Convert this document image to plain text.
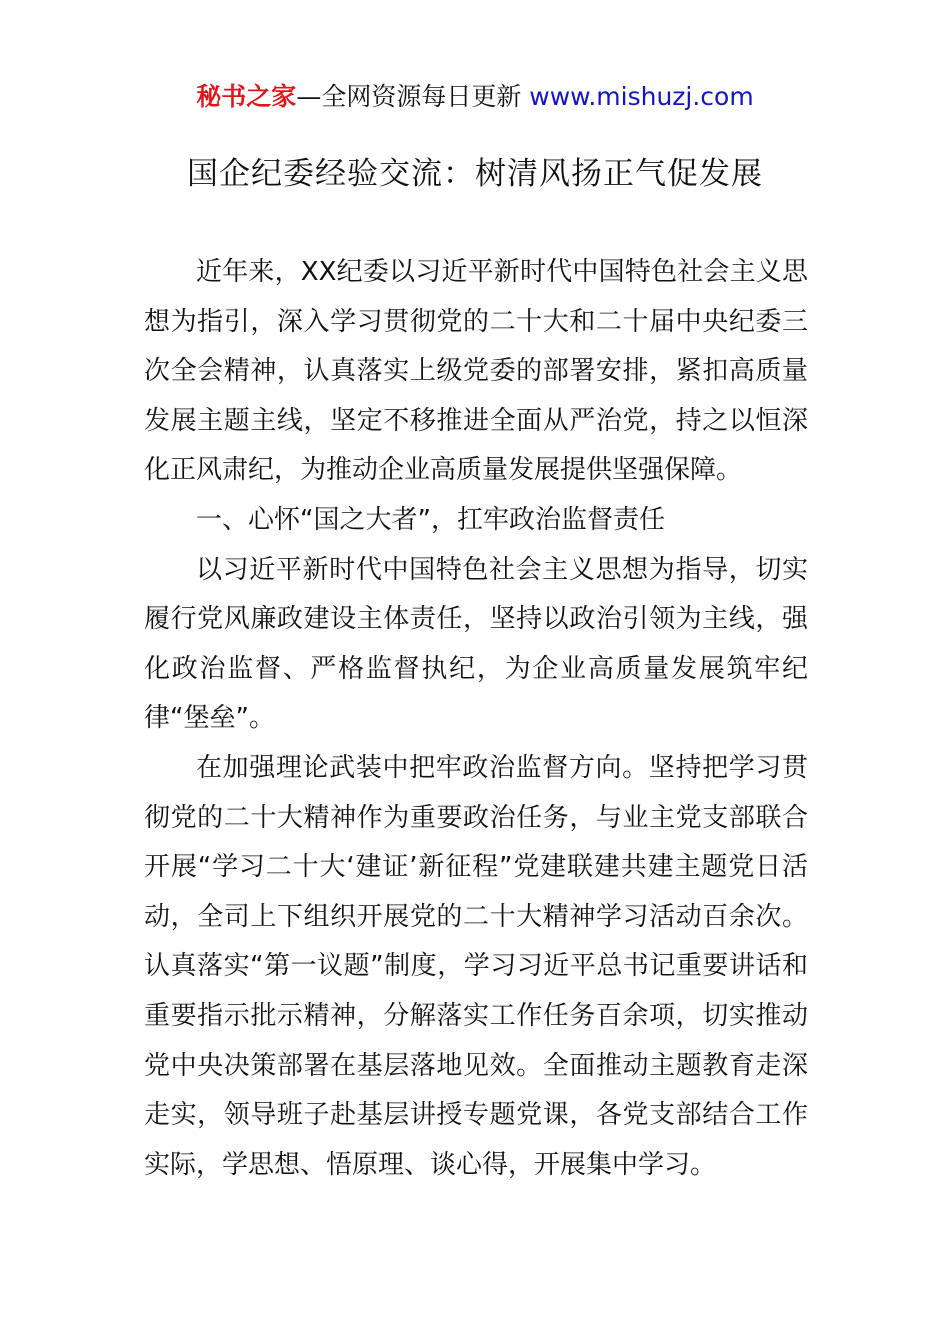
秘书之家—全网资源每日更新 www.mishuzj.com
国企纪委经验交流：树清风扬正气促发展

近年来，XX纪委以习近平新时代中国特色社会主义思想为指引，深入学习贯彻党的二十大和二十届中央纪委三次全会精神，认真落实上级党委的部署安排，紧扣高质量发展主题主线，坚定不移推进全面从严治党，持之以恒深化正风肃纪，为推动企业高质量发展提供坚强保障。

一、心怀“国之大者”，扛牢政治监督责任

以习近平新时代中国特色社会主义思想为指导，切实履行党风廉政建设主体责任，坚持以政治引领为主线，强化政治监督、严格监督执纪，为企业高质量发展筑牢纪律“堡垒”。

在加强理论武装中把牢政治监督方向。坚持把学习贯彻党的二十大精神作为重要政治任务，与业主党支部联合开展“学习二十大‘建证’新征程”党建联建共建主题党日活动，全司上下组织开展党的二十大精神学习活动百余次。认真落实“第一议题”制度，学习习近平总书记重要讲话和重要指示批示精神，分解落实工作任务百余项，切实推动党中央决策部署在基层落地见效。全面推动主题教育走深走实，领导班子赴基层讲授专题党课，各党支部结合工作实际，学思想、悟原理、谈心得，开展集中学习。
